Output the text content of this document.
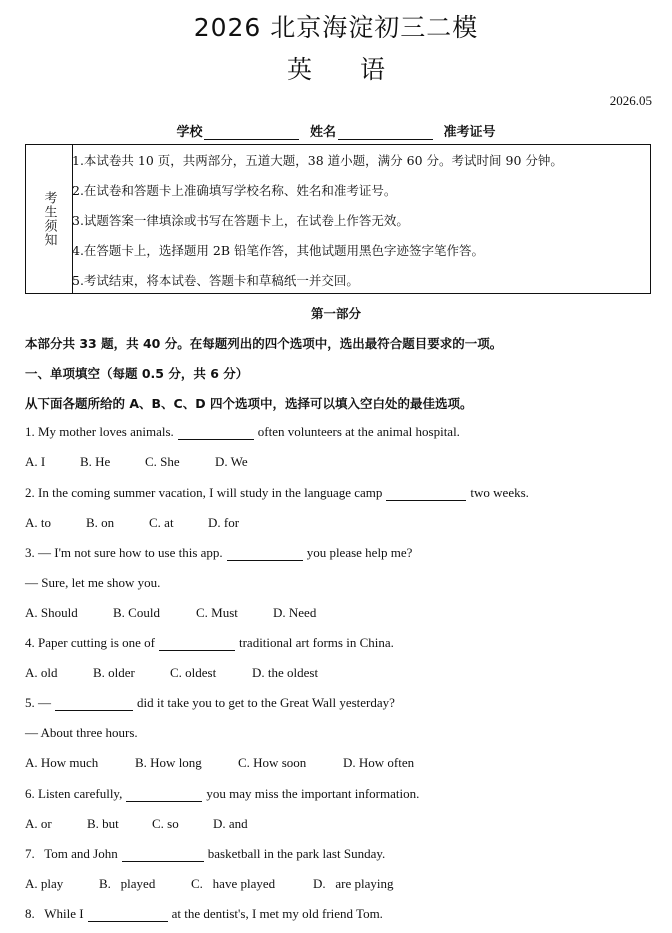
2026 北京海淀初三二模
英 语
2026.05
学校	姓名	准考证号
考生须知
1.本试卷共 10 页，共两部分，五道大题，38 道小题，满分 60 分。考试时间 90 分钟。
2.在试卷和答题卡上准确填写学校名称、姓名和准考证号。
3.试题答案一律填涂或书写在答题卡上，在试卷上作答无效。
4.在答题卡上，选择题用 2B 铅笔作答，其他试题用黑色字迹签字笔作答。
5.考试结束，将本试卷、答题卡和草稿纸一并交回。
第一部分
本部分共 33 题，共 40 分。在每题列出的四个选项中，选出最符合题目要求的一项。
一、单项填空（每题 0.5 分，共 6 分）
从下面各题所给的 A、B、C、D 四个选项中，选择可以填入空白处的最佳选项。
1. My mother loves animals.	often volunteers at the animal hospital.
A. I	B. He	C. She	D. We
2. In the coming summer vacation, I will study in the language camp	two weeks.
A. to	B. on	C. at	D. for
3. — I'm not sure how to use this app.	you please help me?
— Sure, let me show you.
A. Should	B. Could	C. Must	D. Need
4. Paper cutting is one of	traditional art forms in China.
A. old	B. older	C. oldest	D. the oldest
5. —	did it take you to get to the Great Wall yesterday?
— About three hours.
A. How much	B. How long	C. How soon	D. How often
6. Listen carefully,	you may miss the important information.
A. or	B. but	C. so	D. and
7.   Tom and John	basketball in the park last Sunday.
A. play	B.   played	C.   have played	D.   are playing
8.   While I	at the dentist's, I met my old friend Tom.
